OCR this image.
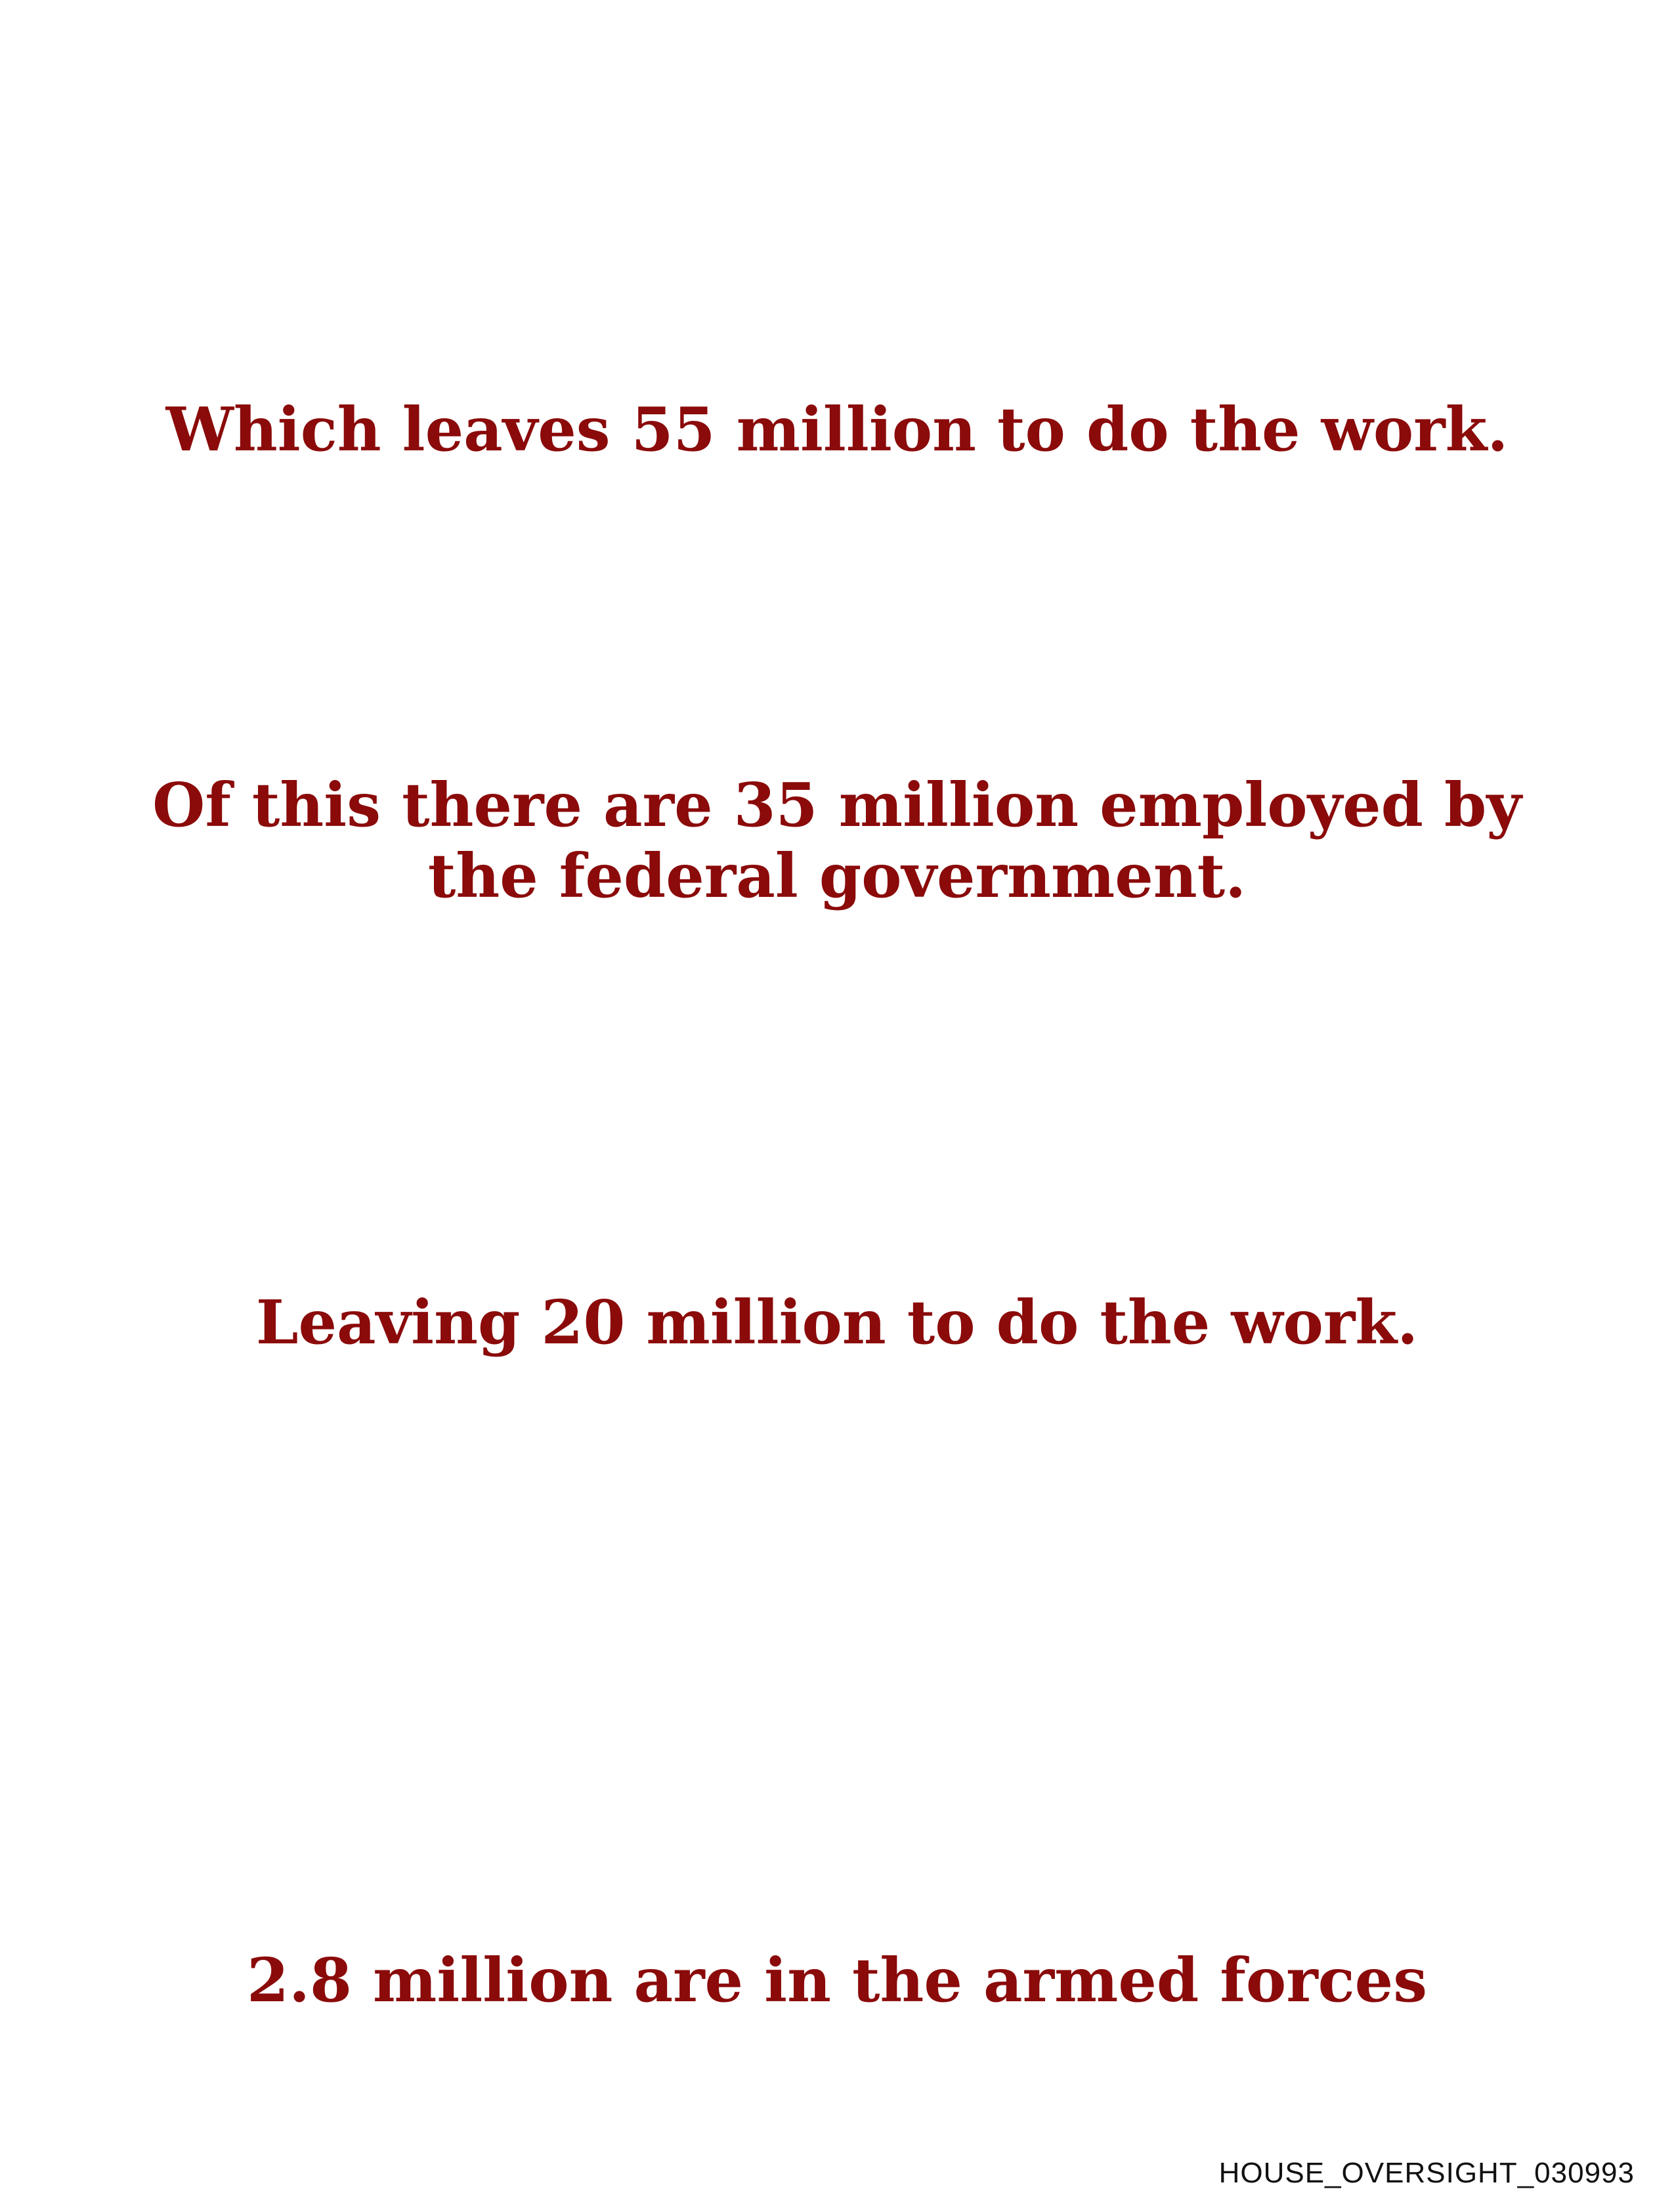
Which leaves 55 million to do the work.

Of this there are 35 million employed by
the federal government.

Leaving 20 million to do the work.

2.8 million are in the armed forces

HOUSE_OVERSIGHT_030993
